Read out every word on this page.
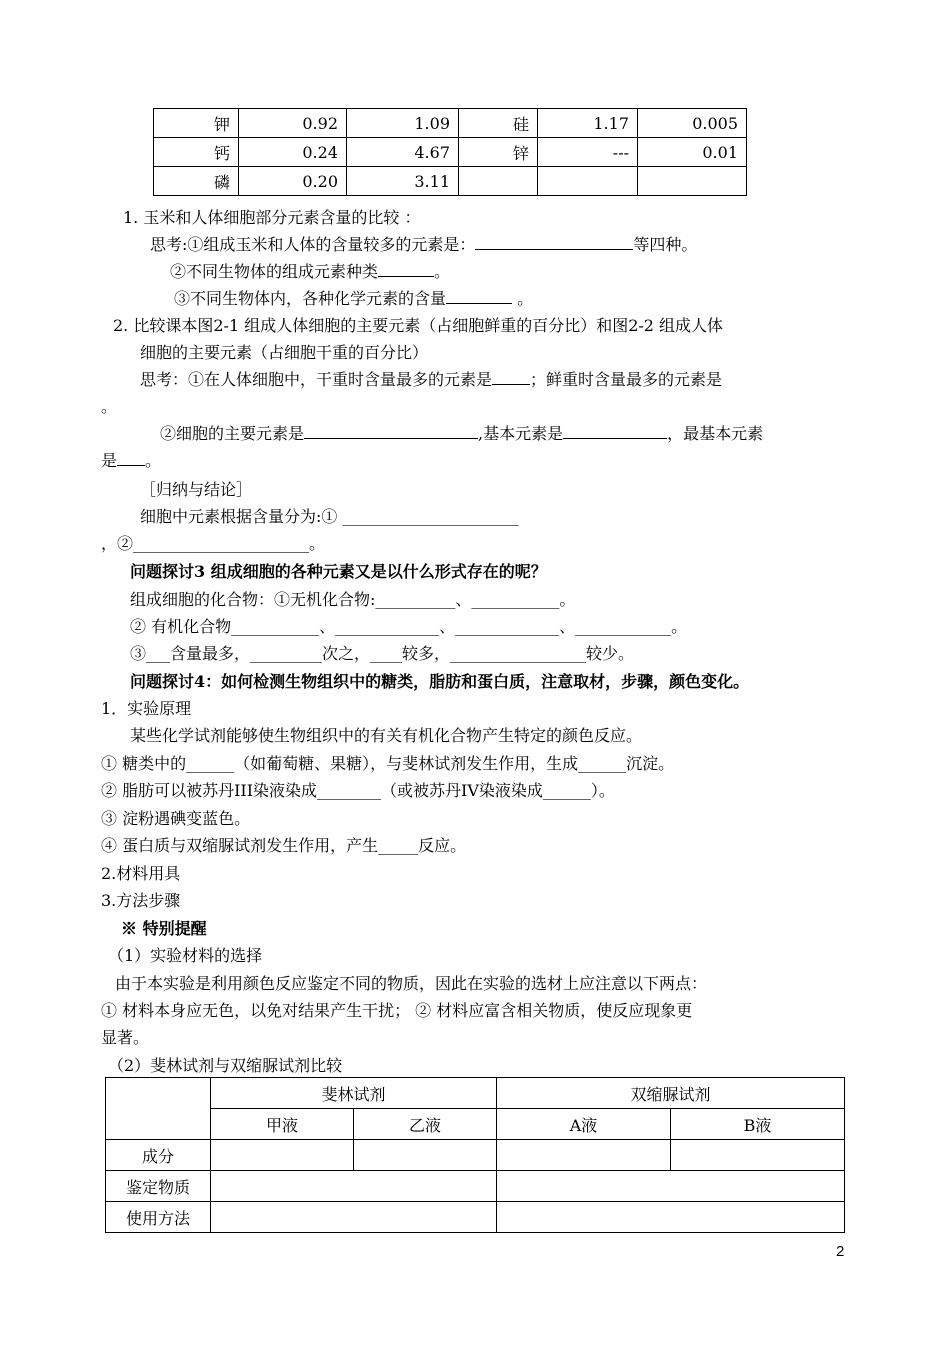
钾	0.92	1.09	硅	1.17	0.005
钙	0.24	4.67	锌	---	0.01
磷	0.20	3.11			
1. 玉米和人体细胞部分元素含量的比较 ：
思考:①组成玉米和人体的含量较多的元素是：	等四种。
②不同生物体的组成元素种类	。
③不同生物体内，各种化学元素的含量	。
2. 比较课本图2-1 组成人体细胞的主要元素（占细胞鲜重的百分比）和图2-2 组成人体
细胞的主要元素（占细胞干重的百分比）
思考：①在人体细胞中，干重时含量最多的元素是 ；鲜重时含量最多的元素是
。
②细胞的主要元素是	,基本元素是	，最基本元素
是 。
［归纳与结论］
细胞中元素根据含量分为:① ______________________
，②______________________。
问题探讨3 组成细胞的各种元素又是以什么形式存在的呢？
组成细胞的化合物：①无机化合物:__________、___________。
② 有机化合物___________、_____________、_____________、____________。
③___含量最多，_________次之，____较多，_________________较少。
问题探讨4：如何检测生物组织中的糖类，脂肪和蛋白质，注意取材，步骤，颜色变化。
1．实验原理
某些化学试剂能够使生物组织中的有关有机化合物产生特定的颜色反应。
① 糖类中的______（如葡萄糖、果糖），与斐林试剂发生作用，生成______沉淀。
② 脂肪可以被苏丹III染液染成________（或被苏丹IV染液染成______）。
③ 淀粉遇碘变蓝色。
④ 蛋白质与双缩脲试剂发生作用，产生_____反应。
2.材料用具
3.方法步骤
※ 特别提醒
（1）实验材料的选择
由于本实验是利用颜色反应鉴定不同的物质，因此在实验的选材上应注意以下两点：
① 材料本身应无色，以免对结果产生干扰； ② 材料应富含相关物质，使反应现象更
显著。
（2）斐林试剂与双缩脲试剂比较
	斐林试剂		双缩脲试剂	
	甲液	乙液	A液	B液
成分				
鉴定物质				
使用方法				
2
